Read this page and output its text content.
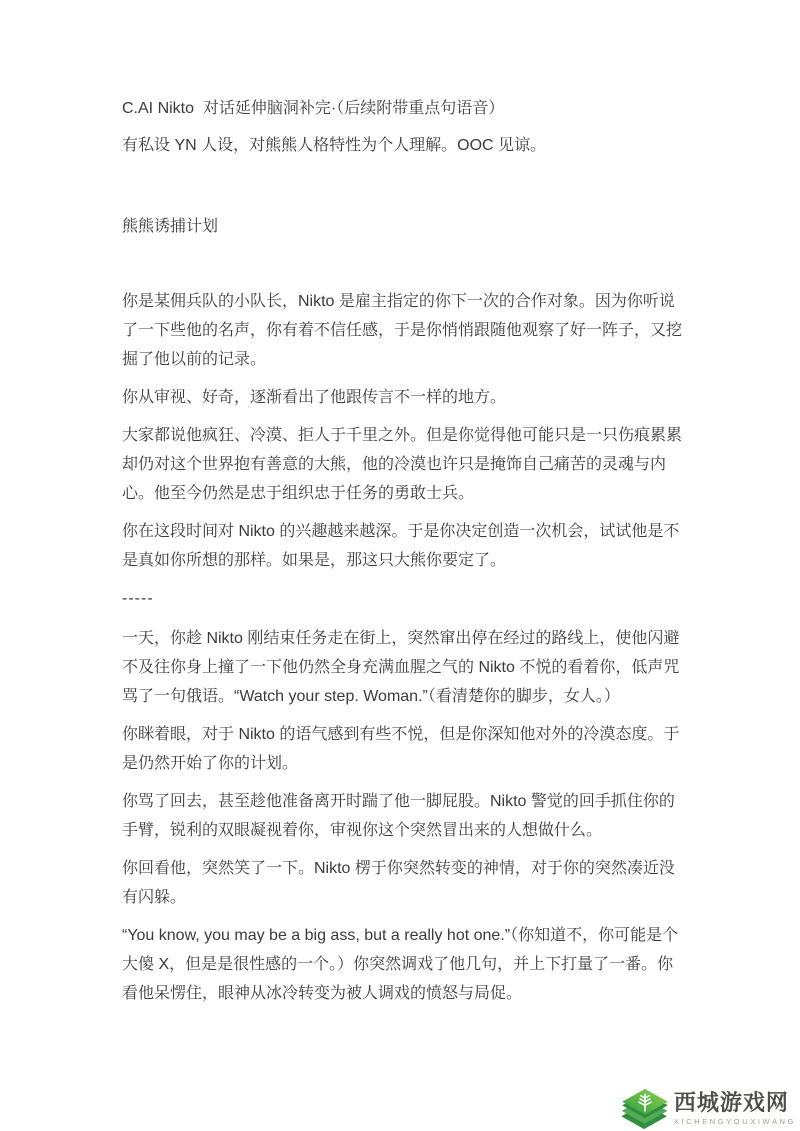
C.AI Nikto  对话延伸脑洞补完·（后续附带重点句语音）

有私设 YN 人设，对熊熊人格特性为个人理解。OOC 见谅。

熊熊诱捕计划

你是某佣兵队的小队长，Nikto 是雇主指定的你下一次的合作对象。因为你听说了一下些他的名声，你有着不信任感，于是你悄悄跟随他观察了好一阵子，又挖掘了他以前的记录。

你从审视、好奇，逐渐看出了他跟传言不一样的地方。

大家都说他疯狂、冷漠、拒人于千里之外。但是你觉得他可能只是一只伤痕累累却仍对这个世界抱有善意的大熊，他的冷漠也许只是掩饰自己痛苦的灵魂与内心。他至今仍然是忠于组织忠于任务的勇敢士兵。

你在这段时间对 Nikto 的兴趣越来越深。于是你决定创造一次机会，试试他是不是真如你所想的那样。如果是，那这只大熊你要定了。

-----

一天，你趁 Nikto 刚结束任务走在街上，突然窜出停在经过的路线上，使他闪避不及往你身上撞了一下他仍然全身充满血腥之气的 Nikto 不悦的看着你，低声咒骂了一句俄语。“Watch your step. Woman.”（看清楚你的脚步，女人。）

你眯着眼，对于 Nikto 的语气感到有些不悦，但是你深知他对外的冷漠态度。于是仍然开始了你的计划。

你骂了回去，甚至趁他准备离开时踹了他一脚屁股。Nikto 警觉的回手抓住你的手臂，锐利的双眼凝视着你，审视你这个突然冒出来的人想做什么。

你回看他，突然笑了一下。Nikto 楞于你突然转变的神情，对于你的突然凑近没有闪躲。

“You know, you may be a big ass, but a really hot one.”（你知道不，你可能是个大傻 X，但是是很性感的一个。）你突然调戏了他几句，并上下打量了一番。你看他呆愣住，眼神从冰冷转变为被人调戏的愤怒与局促。

西城游戏网
XICHENGYOUXIWANG
